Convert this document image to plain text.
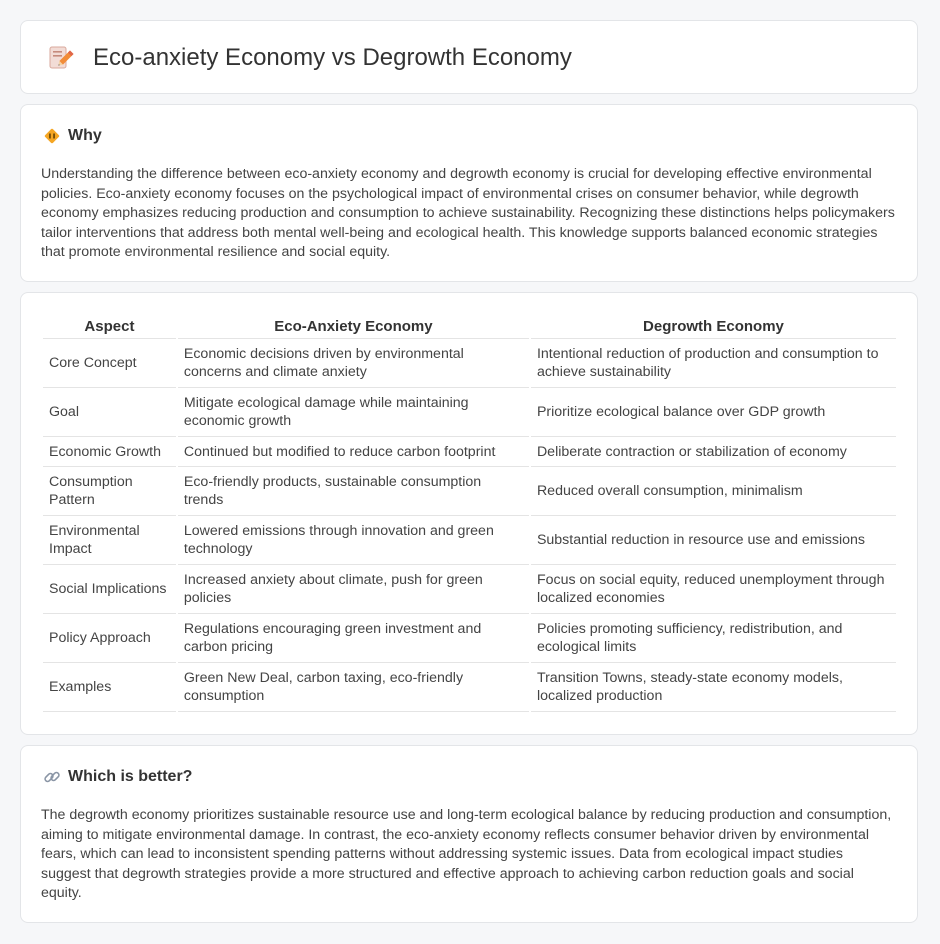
Eco-anxiety Economy vs Degrowth Economy
Why
Understanding the difference between eco-anxiety economy and degrowth economy is crucial for developing effective environmental policies. Eco-anxiety economy focuses on the psychological impact of environmental crises on consumer behavior, while degrowth economy emphasizes reducing production and consumption to achieve sustainability. Recognizing these distinctions helps policymakers tailor interventions that address both mental well-being and ecological health. This knowledge supports balanced economic strategies that promote environmental resilience and social equity.
Aspect	Eco-Anxiety Economy	Degrowth Economy
Core Concept	Economic decisions driven by environmental concerns and climate anxiety	Intentional reduction of production and consumption to achieve sustainability
Goal	Mitigate ecological damage while maintaining economic growth	Prioritize ecological balance over GDP growth
Economic Growth	Continued but modified to reduce carbon footprint	Deliberate contraction or stabilization of economy
Consumption Pattern	Eco-friendly products, sustainable consumption trends	Reduced overall consumption, minimalism
Environmental Impact	Lowered emissions through innovation and green technology	Substantial reduction in resource use and emissions
Social Implications	Increased anxiety about climate, push for green policies	Focus on social equity, reduced unemployment through localized economies
Policy Approach	Regulations encouraging green investment and carbon pricing	Policies promoting sufficiency, redistribution, and ecological limits
Examples	Green New Deal, carbon taxing, eco-friendly consumption	Transition Towns, steady-state economy models, localized production
Which is better?
The degrowth economy prioritizes sustainable resource use and long-term ecological balance by reducing production and consumption, aiming to mitigate environmental damage. In contrast, the eco-anxiety economy reflects consumer behavior driven by environmental fears, which can lead to inconsistent spending patterns without addressing systemic issues. Data from ecological impact studies suggest that degrowth strategies provide a more structured and effective approach to achieving carbon reduction goals and social equity.
